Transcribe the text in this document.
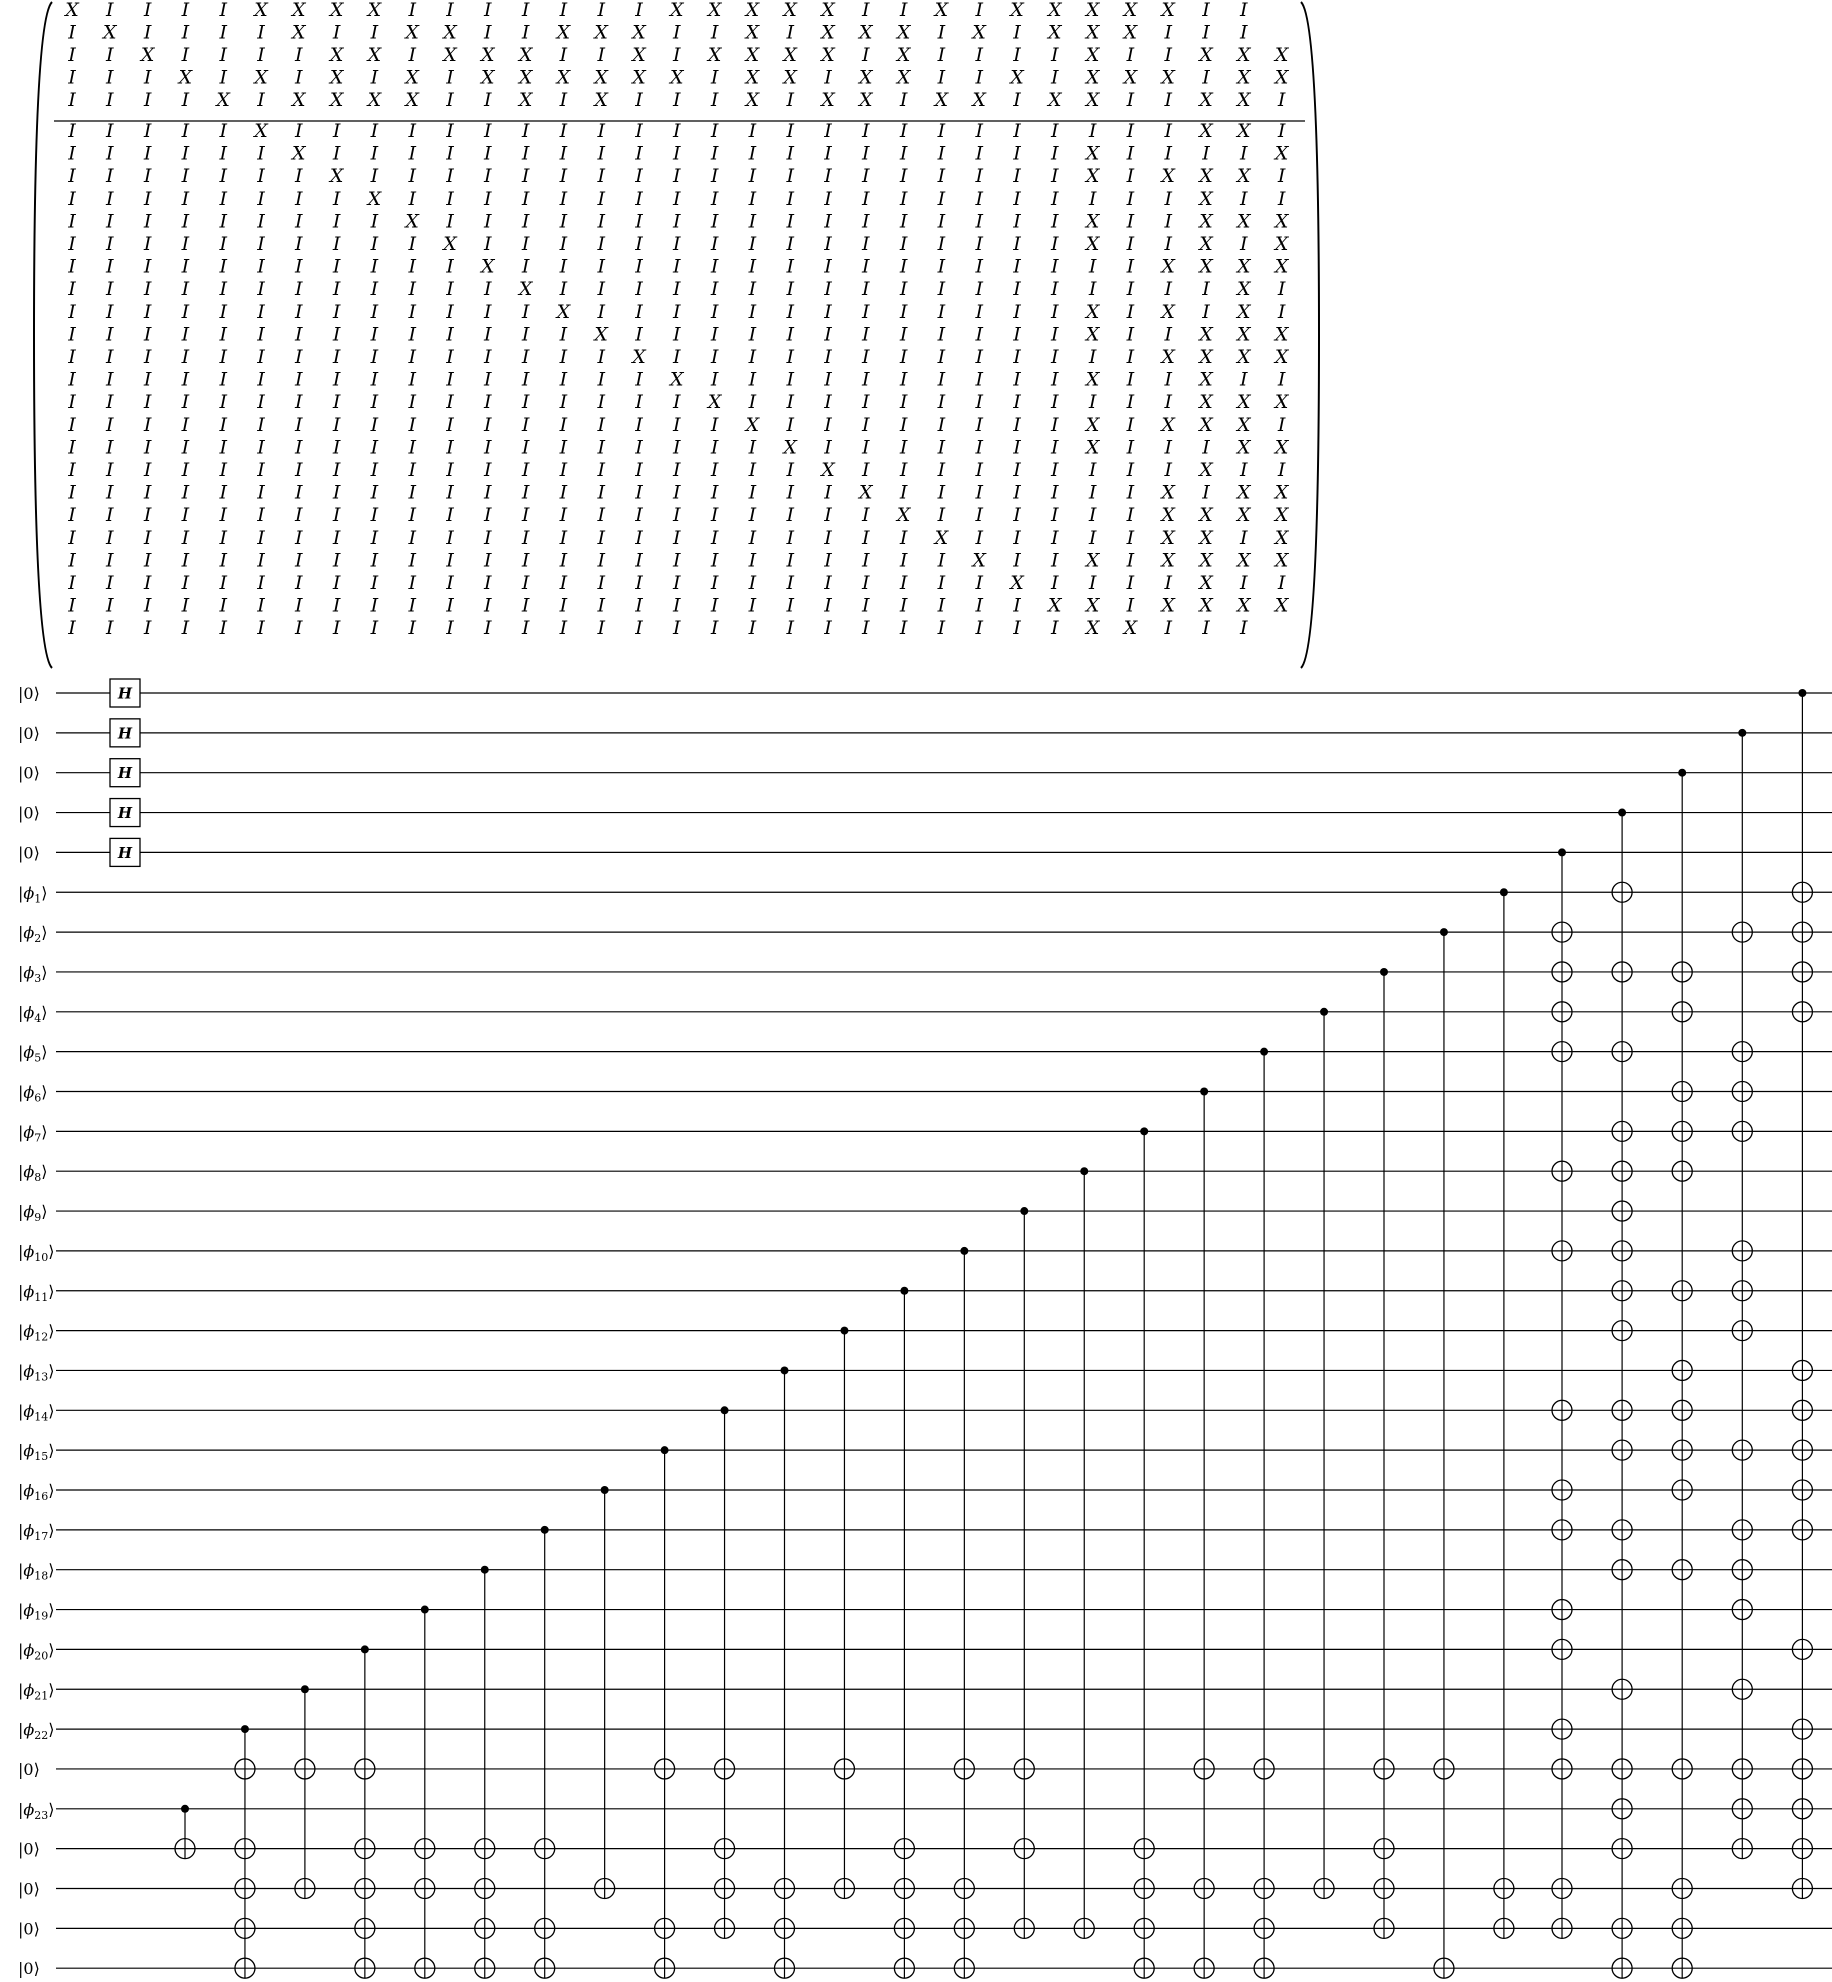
X I I I I X X X X I I I I I I I X X X X X I I X I X X X X X I I
I X I I I I X I I X X I I X X X I I X I X X X I X I X X X I I I
I I X I I I I X X I X X X I I X I X X X X I X I I I I X I I X X X
I I I X I X I X I X I X X X X X X I X X I X X I I X I X X X I X X
I I I I X I X X X X I I X I X I I I X I X X I X X I X X I I X X I
I I I I I X I I I I I I I I I I I I I I I I I I I I I I I I X X I
I I I I I I X I I I I I I I I I I I I I I I I I I I I X I I I I X
I I I I I I I X I I I I I I I I I I I I I I I I I I I X I X X X I
I I I I I I I I X I I I I I I I I I I I I I I I I I I I I I X I I
I I I I I I I I I X I I I I I I I I I I I I I I I I I X I I X X X
I I I I I I I I I I X I I I I I I I I I I I I I I I I X I I X I X
I I I I I I I I I I I X I I I I I I I I I I I I I I I I I X X X X
I I I I I I I I I I I I X I I I I I I I I I I I I I I I I I I X I
I I I I I I I I I I I I I X I I I I I I I I I I I I I X I X I X I
I I I I I I I I I I I I I I X I I I I I I I I I I I I X I I X X X
I I I I I I I I I I I I I I I X I I I I I I I I I I I I I X X X X
I I I I I I I I I I I I I I I I X I I I I I I I I I I X I I X I I
I I I I I I I I I I I I I I I I I X I I I I I I I I I I I I X X X
I I I I I I I I I I I I I I I I I I X I I I I I I I I X I X X X I
I I I I I I I I I I I I I I I I I I I X I I I I I I I X I I I X X
I I I I I I I I I I I I I I I I I I I I X I I I I I I I I I X I I
I I I I I I I I I I I I I I I I I I I I I X I I I I I I I X I X X
I I I I I I I I I I I I I I I I I I I I I I X I I I I I I X X X X
I I I I I I I I I I I I I I I I I I I I I I I X I I I I I X X I X
I I I I I I I I I I I I I I I I I I I I I I I I X I I X I X X X X
I I I I I I I I I I I I I I I I I I I I I I I I I X I I I I X I I
I I I I I I I I I I I I I I I I I I I I I I I I I I X X I X X X X
I I I I I I I I I I I I I I I I I I I I I I I I I I I X X I I I
|0⟩
|0⟩
|0⟩
|0⟩
|0⟩
$|\phi_1⟩$
$|\phi_2⟩$
$|\phi_3⟩$
$|\phi_4⟩$
$|\phi_5⟩$
$|\phi_6⟩$
$|\phi_7⟩$
$|\phi_8⟩$
$|\phi_9⟩$
$|\phi_{10}⟩$
$|\phi_{11}⟩$
$|\phi_{12}⟩$
$|\phi_{13}⟩$
$|\phi_{14}⟩$
$|\phi_{15}⟩$
$|\phi_{16}⟩$
$|\phi_{17}⟩$
$|\phi_{18}⟩$
$|\phi_{19}⟩$
$|\phi_{20}⟩$
$|\phi_{21}⟩$
$|\phi_{22}⟩$
|0⟩
$|\phi_{23}⟩$
|0⟩
|0⟩
|0⟩
|0⟩
H
H
H
H
H
